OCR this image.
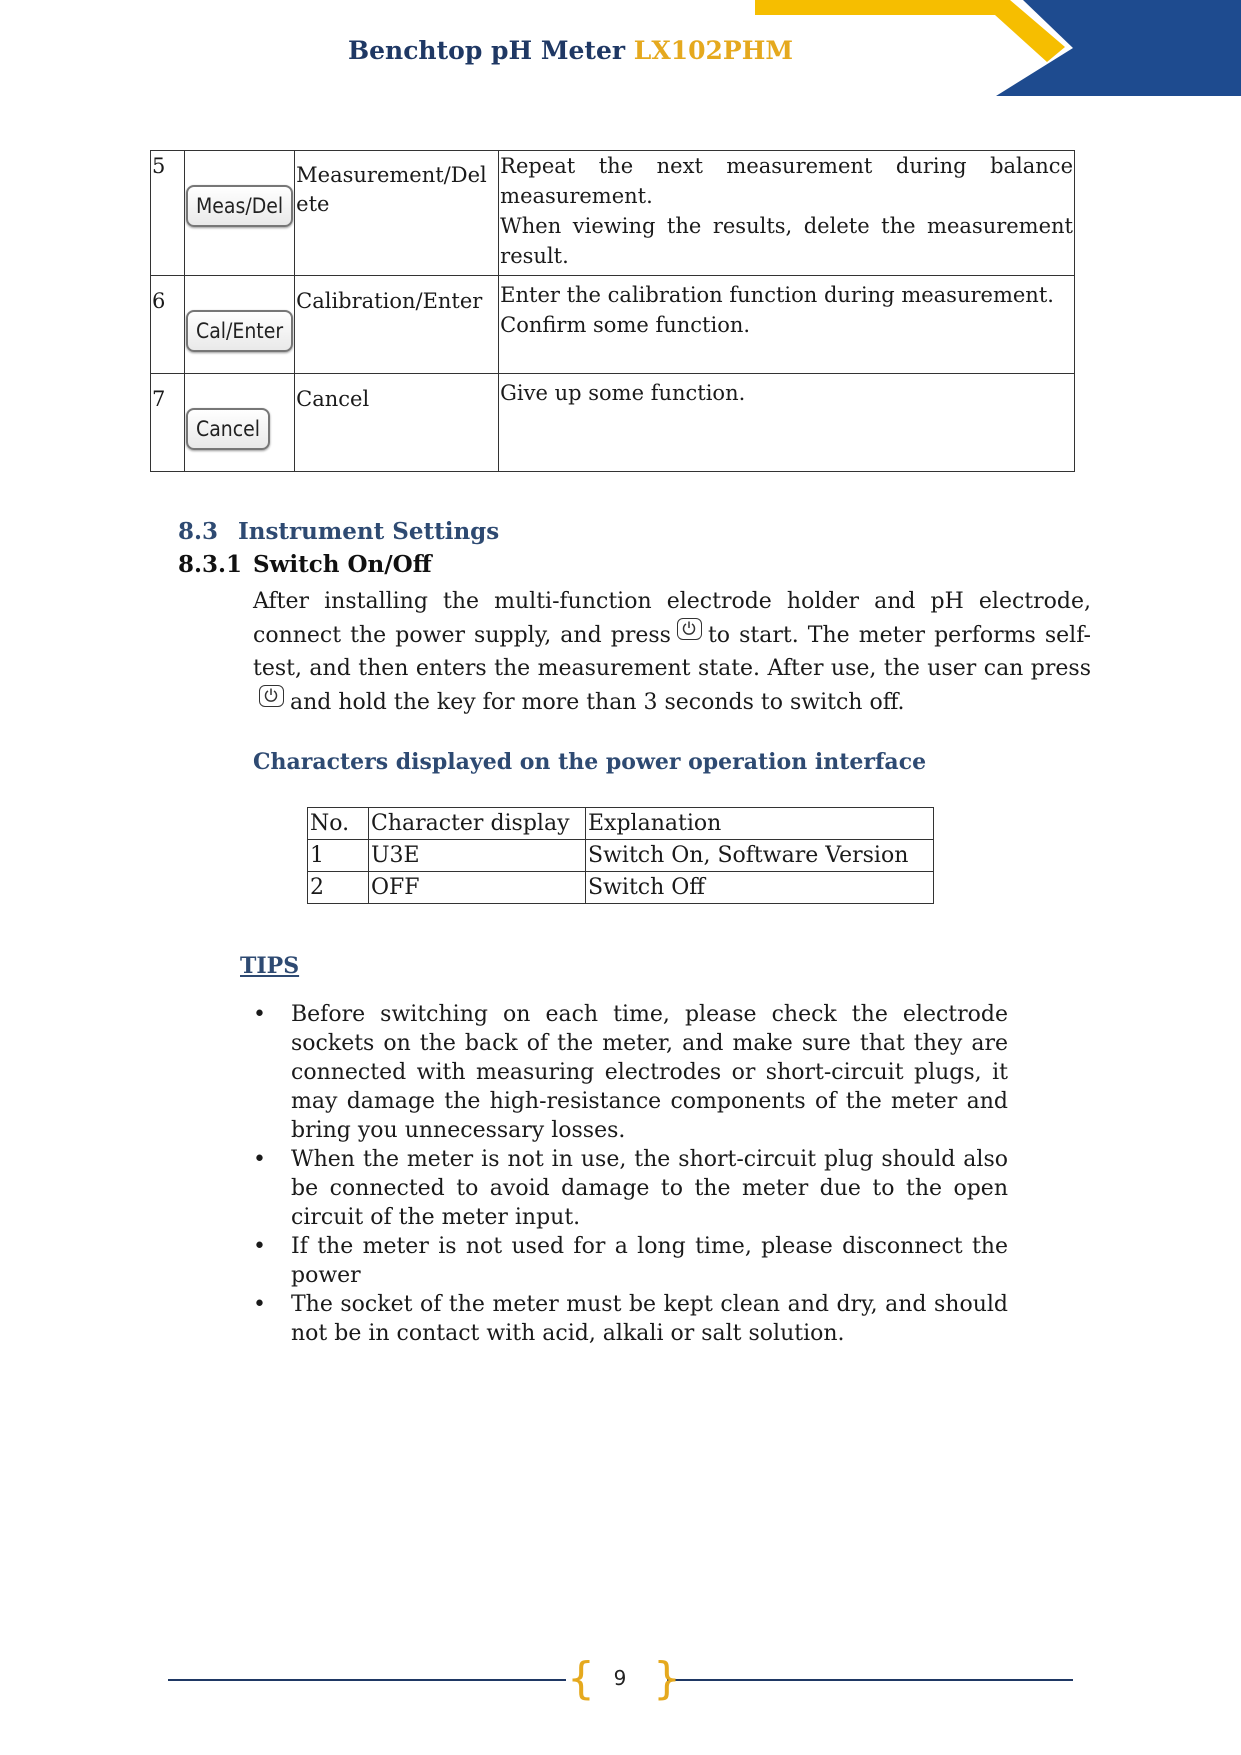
Benchtop pH Meter LX102PHM
5	Meas/Del	Measurement/Delete	Repeat the next measurement during balance measurement.
When viewing the results, delete the measurement result.

6	Cal/Enter	Calibration/Enter	Enter the calibration function during measurement.
Confirm some function.

7	Cancel	Cancel	Give up some function.
8.3 Instrument Settings
8.3.1 Switch On/Off
After installing the multi-function electrode holder and pH electrode, connect the power supply, and press to start. The meter performs self-test, and then enters the measurement state. After use, the user can press
and hold the key for more than 3 seconds to switch off.
Characters displayed on the power operation interface
No.	Character display	Explanation
1	U3E	Switch On, Software Version
2	OFF	Switch Off
TIPS
• Before switching on each time, please check the electrode sockets on the back of the meter, and make sure that they are connected with measuring electrodes or short-circuit plugs, it may damage the high-resistance components of the meter and bring you unnecessary losses.
• When the meter is not in use, the short-circuit plug should also be connected to avoid damage to the meter due to the open circuit of the meter input.
• If the meter is not used for a long time, please disconnect the power
• The socket of the meter must be kept clean and dry, and should not be in contact with acid, alkali or salt solution.
{ }
9
